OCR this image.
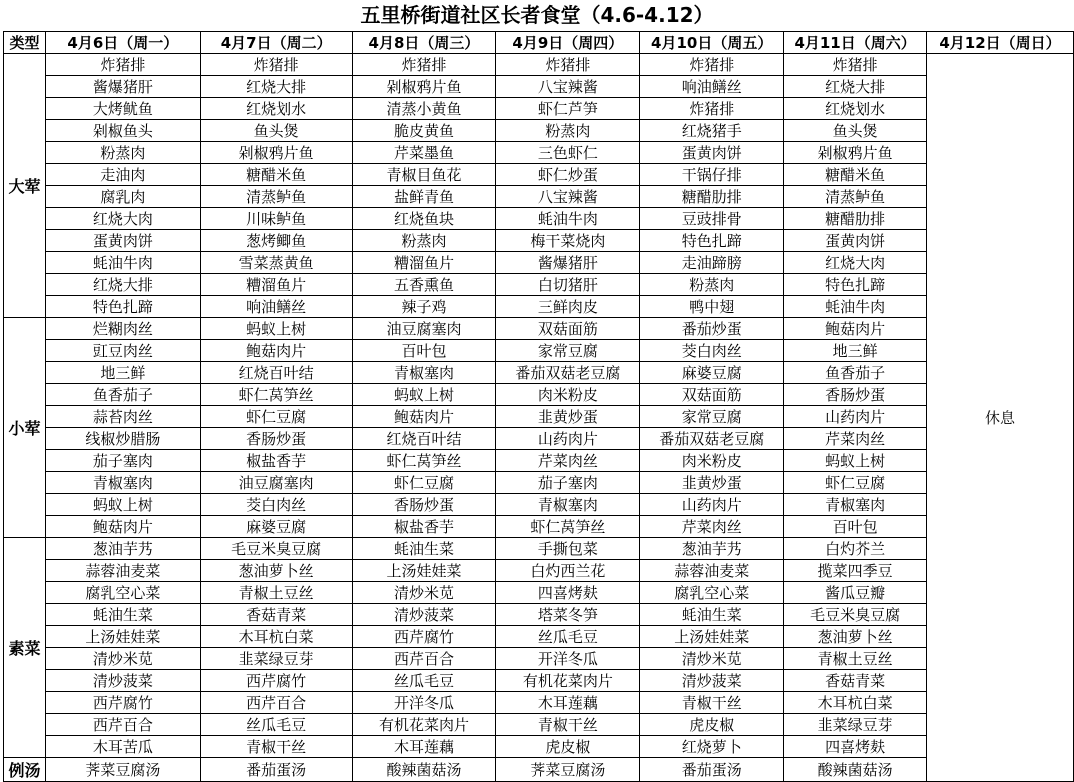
五里桥街道社区长者食堂（4.6-4.12）
类型	4月6日（周一）	4月7日（周二）	4月8日（周三）	4月9日（周四）	4月10日（周五）	4月11日（周六）	4月12日（周日）
大荤	炸猪排	炸猪排	炸猪排	炸猪排	炸猪排	炸猪排	休息
	酱爆猪肝	红烧大排	剁椒鸦片鱼	八宝辣酱	响油鳝丝	红烧大排	
	大烤鱿鱼	红烧划水	清蒸小黄鱼	虾仁芦笋	炸猪排	红烧划水	
	剁椒鱼头	鱼头煲	脆皮黄鱼	粉蒸肉	红烧猪手	鱼头煲	
	粉蒸肉	剁椒鸦片鱼	芹菜墨鱼	三色虾仁	蛋黄肉饼	剁椒鸦片鱼	
	走油肉	糖醋米鱼	青椒目鱼花	虾仁炒蛋	干锅仔排	糖醋米鱼	
	腐乳肉	清蒸鲈鱼	盐鲜青鱼	八宝辣酱	糖醋肋排	清蒸鲈鱼	
	红烧大肉	川味鲈鱼	红烧鱼块	蚝油牛肉	豆豉排骨	糖醋肋排	
	蛋黄肉饼	葱烤鲫鱼	粉蒸肉	梅干菜烧肉	特色扎蹄	蛋黄肉饼	
	蚝油牛肉	雪菜蒸黄鱼	糟溜鱼片	酱爆猪肝	走油蹄膀	红烧大肉	
	红烧大排	糟溜鱼片	五香熏鱼	白切猪肝	粉蒸肉	特色扎蹄	
	特色扎蹄	响油鳝丝	辣子鸡	三鲜肉皮	鸭中翅	蚝油牛肉	
小荤	烂糊肉丝	蚂蚁上树	油豆腐塞肉	双菇面筋	番茄炒蛋	鲍菇肉片	
	豇豆肉丝	鲍菇肉片	百叶包	家常豆腐	茭白肉丝	地三鲜	
	地三鲜	红烧百叶结	青椒塞肉	番茄双菇老豆腐	麻婆豆腐	鱼香茄子	
	鱼香茄子	虾仁莴笋丝	蚂蚁上树	肉米粉皮	双菇面筋	香肠炒蛋	
	蒜苔肉丝	虾仁豆腐	鲍菇肉片	韭黄炒蛋	家常豆腐	山药肉片	
	线椒炒腊肠	香肠炒蛋	红烧百叶结	山药肉片	番茄双菇老豆腐	芹菜肉丝	
	茄子塞肉	椒盐香芋	虾仁莴笋丝	芹菜肉丝	肉米粉皮	蚂蚁上树	
	青椒塞肉	油豆腐塞肉	虾仁豆腐	茄子塞肉	韭黄炒蛋	虾仁豆腐	
	蚂蚁上树	茭白肉丝	香肠炒蛋	青椒塞肉	山药肉片	青椒塞肉	
	鲍菇肉片	麻婆豆腐	椒盐香芋	虾仁莴笋丝	芹菜肉丝	百叶包	
素菜	葱油芋艿	毛豆米臭豆腐	蚝油生菜	手撕包菜	葱油芋艿	白灼芥兰	
	蒜蓉油麦菜	葱油萝卜丝	上汤娃娃菜	白灼西兰花	蒜蓉油麦菜	揽菜四季豆	
	腐乳空心菜	青椒土豆丝	清炒米苋	四喜烤麸	腐乳空心菜	酱瓜豆瓣	
	蚝油生菜	香菇青菜	清炒菠菜	塔菜冬笋	蚝油生菜	毛豆米臭豆腐	
	上汤娃娃菜	木耳杭白菜	西芹腐竹	丝瓜毛豆	上汤娃娃菜	葱油萝卜丝	
	清炒米苋	韭菜绿豆芽	西芹百合	开洋冬瓜	清炒米苋	青椒土豆丝	
	清炒菠菜	西芹腐竹	丝瓜毛豆	有机花菜肉片	清炒菠菜	香菇青菜	
	西芹腐竹	西芹百合	开洋冬瓜	木耳莲藕	青椒干丝	木耳杭白菜	
	西芹百合	丝瓜毛豆	有机花菜肉片	青椒干丝	虎皮椒	韭菜绿豆芽	
	木耳苦瓜	青椒干丝	木耳莲藕	虎皮椒	红烧萝卜	四喜烤麸	
例汤	荠菜豆腐汤	番茄蛋汤	酸辣菌菇汤	荠菜豆腐汤	番茄蛋汤	酸辣菌菇汤	
